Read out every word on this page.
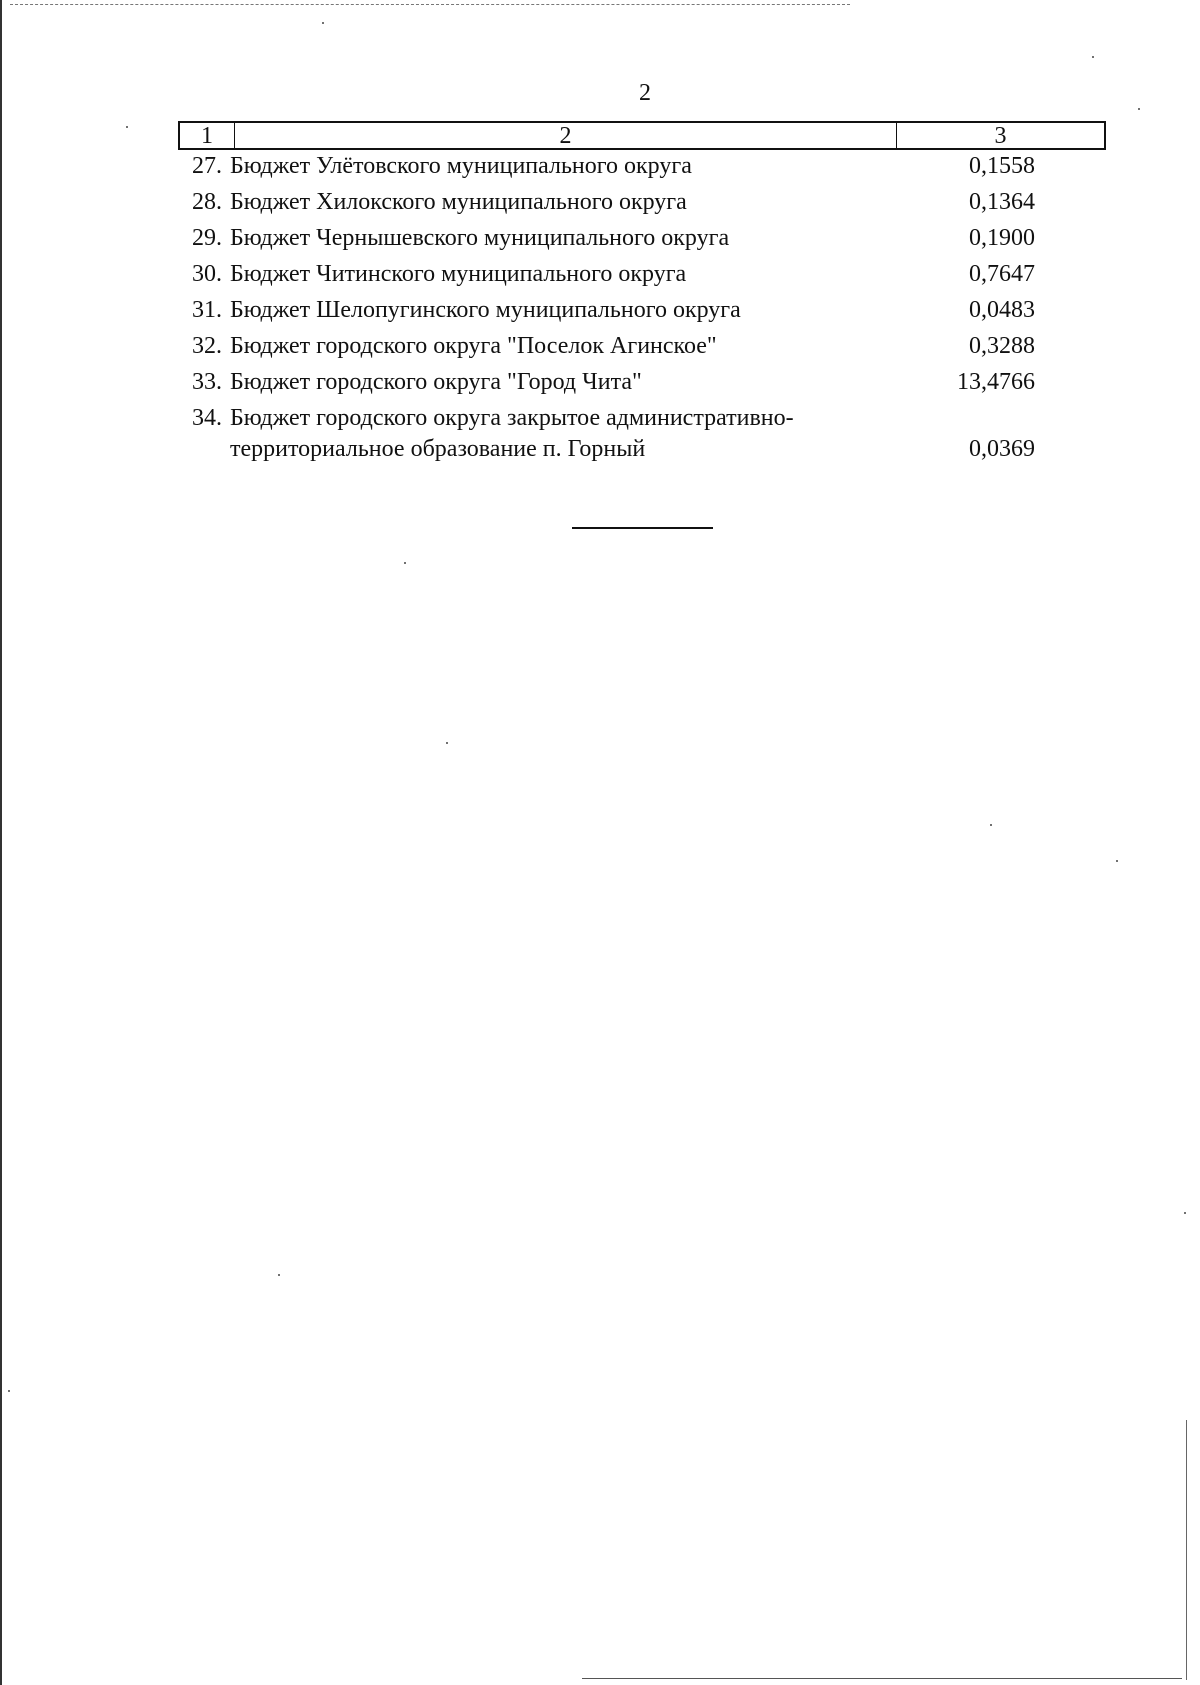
2
1	2	3
27. Бюджет Улётовского муниципального округа	0,1558
28. Бюджет Хилокского муниципального округа	0,1364
29. Бюджет Чернышевского муниципального округа	0,1900
30. Бюджет Читинского муниципального округа	0,7647
31. Бюджет Шелопугинского муниципального округа	0,0483
32. Бюджет городского округа "Поселок Агинское"	0,3288
33. Бюджет городского округа "Город Чита"	13,4766
34. Бюджет городского округа закрытое административно-
территориальное образование п. Горный	0,0369
